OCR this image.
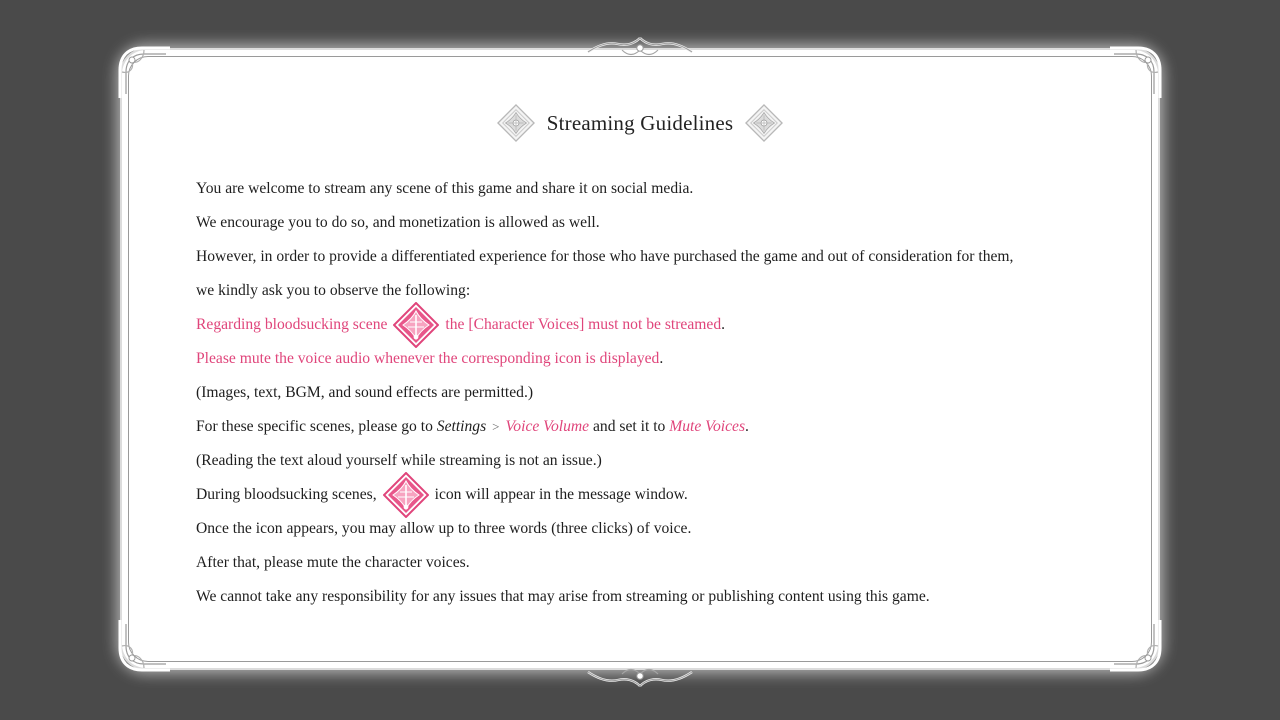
Streaming Guidelines
You are welcome to stream any scene of this game and share it on social media.
We encourage you to do so, and monetization is allowed as well.
However, in order to provide a differentiated experience for those who have purchased the game and out of consideration for them,
we kindly ask you to observe the following:
Regarding bloodsucking scene	the [Character Voices] must not be streamed .
Please mute the voice audio whenever the corresponding icon is displayed .
(Images, text, BGM, and sound effects are permitted.)
For these specific scenes, please go to
Settings > Voice Volume
and set it to
Mute Voices .
(Reading the text aloud yourself while streaming is not an issue.)
During bloodsucking scenes,	icon will appear in the message window.
Once the icon appears, you may allow up to three words (three clicks) of voice.
After that, please mute the character voices.
We cannot take any responsibility for any issues that may arise from streaming or publishing content using this game.
